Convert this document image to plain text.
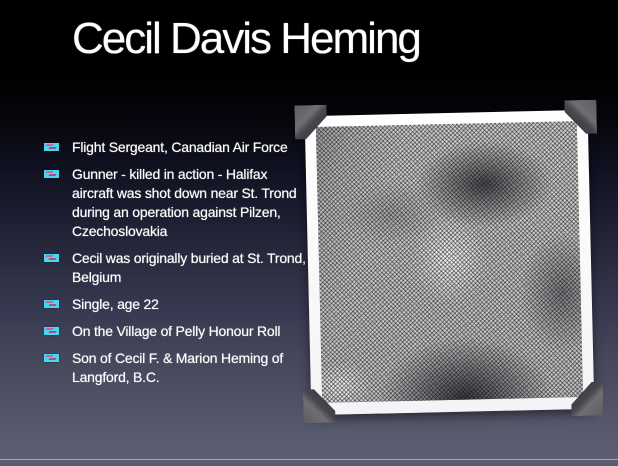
Cecil Davis Heming
Flight Sergeant, Canadian Air Force
Gunner - killed in action - Halifax aircraft was shot down near St. Trond during an operation against Pilzen, Czechoslovakia
Cecil was originally buried at St. Trond, Belgium
Single, age 22
On the Village of Pelly Honour Roll
Son of Cecil F. & Marion Heming of Langford, B.C.
